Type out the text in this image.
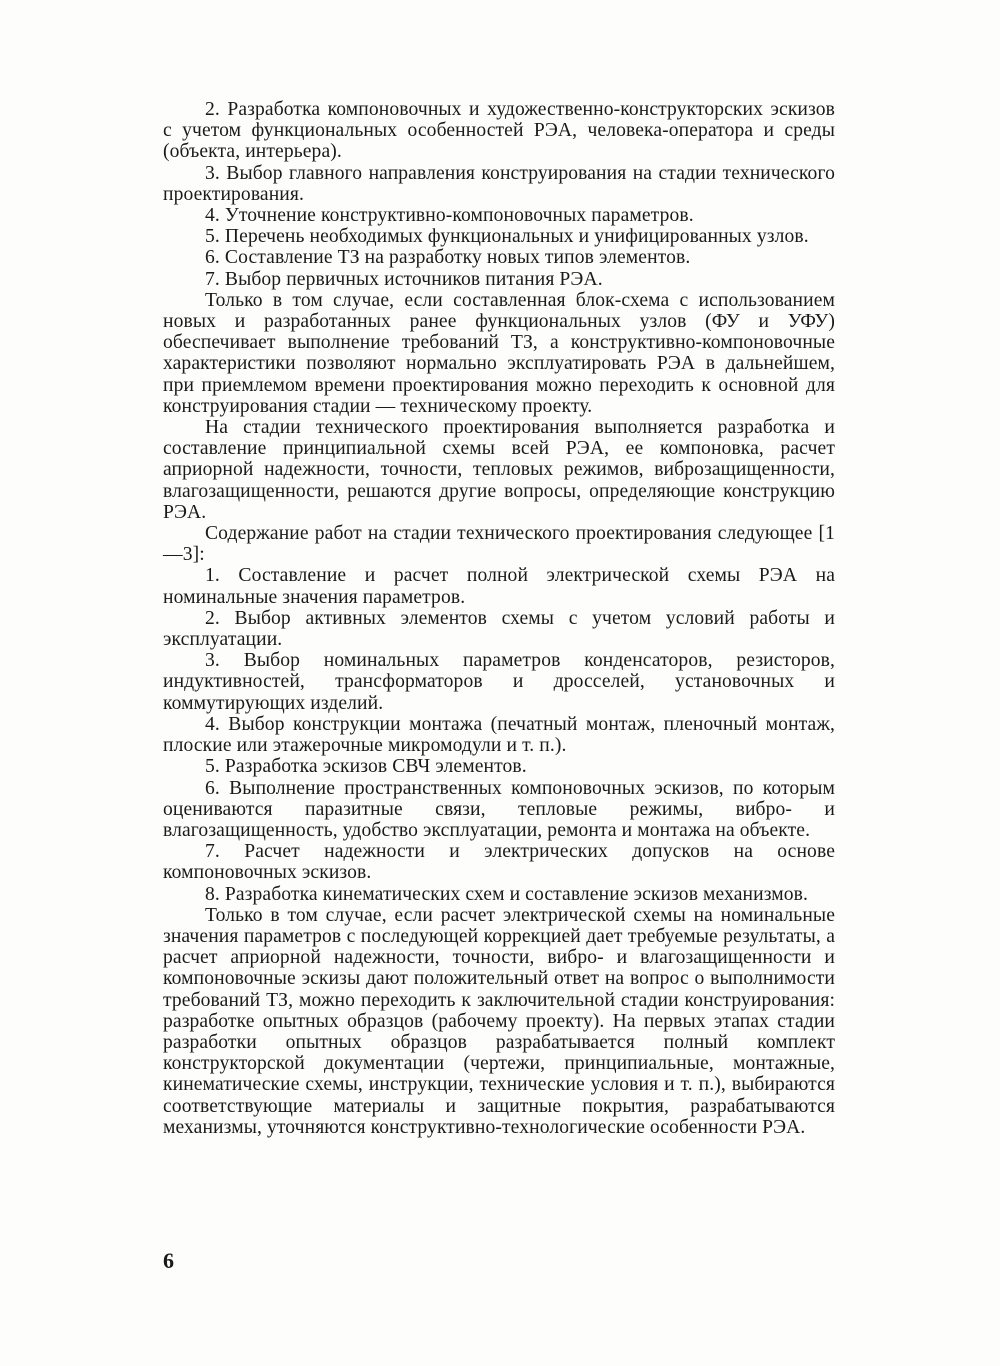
2. Разработка компоновочных и художественно-конструкторских эскизов с учетом функциональных особенностей РЭА, человека-оператора и среды (объекта, интерьера).

3. Выбор главного направления конструирования на стадии технического проектирования.

4. Уточнение конструктивно-компоновочных параметров.

5. Перечень необходимых функциональных и унифицированных узлов.

6. Составление ТЗ на разработку новых типов элементов.

7. Выбор первичных источников питания РЭА.

Только в том случае, если составленная блок-схема с использованием новых и разработанных ранее функциональных узлов (ФУ и УФУ) обеспечивает выполнение требований ТЗ, а конструктивно-компоновочные характеристики позволяют нормально эксплуатировать РЭА в дальнейшем, при приемлемом времени проектирования можно переходить к основной для конструирования стадии — техническому проекту.

На стадии технического проектирования выполняется разработка и составление принципиальной схемы всей РЭА, ее компоновка, расчет априорной надежности, точности, тепловых режимов, виброзащищенности, влагозащищенности, решаются другие вопросы, определяющие конструкцию РЭА.

Содержание работ на стадии технического проектирования следующее [1—3]:

1. Составление и расчет полной электрической схемы РЭА на номинальные значения параметров.

2. Выбор активных элементов схемы с учетом условий работы и эксплуатации.

3. Выбор номинальных параметров конденсаторов, резисторов, индуктивностей, трансформаторов и дросселей, установочных и коммутирующих изделий.

4. Выбор конструкции монтажа (печатный монтаж, пленочный монтаж, плоские или этажерочные микромодули и т. п.).

5. Разработка эскизов СВЧ элементов.

6. Выполнение пространственных компоновочных эскизов, по которым оцениваются паразитные связи, тепловые режимы, вибро- и влагозащищенность, удобство эксплуатации, ремонта и монтажа на объекте.

7. Расчет надежности и электрических допусков на основе компоновочных эскизов.

8. Разработка кинематических схем и составление эскизов механизмов.

Только в том случае, если расчет электрической схемы на номинальные значения параметров с последующей коррекцией дает требуемые результаты, а расчет априорной надежности, точности, вибро- и влагозащищенности и компоновочные эскизы дают положительный ответ на вопрос о выполнимости требований ТЗ, можно переходить к заключительной стадии конструирования: разработке опытных образцов (рабочему проекту). На первых этапах стадии разработки опытных образцов разрабатывается полный комплект конструкторской документации (чертежи, принципиальные, монтажные, кинематические схемы, инструкции, технические условия и т. п.), выбираются соответствующие материалы и защитные покрытия, разрабатываются механизмы, уточняются конструктивно-технологические особенности РЭА.

6
